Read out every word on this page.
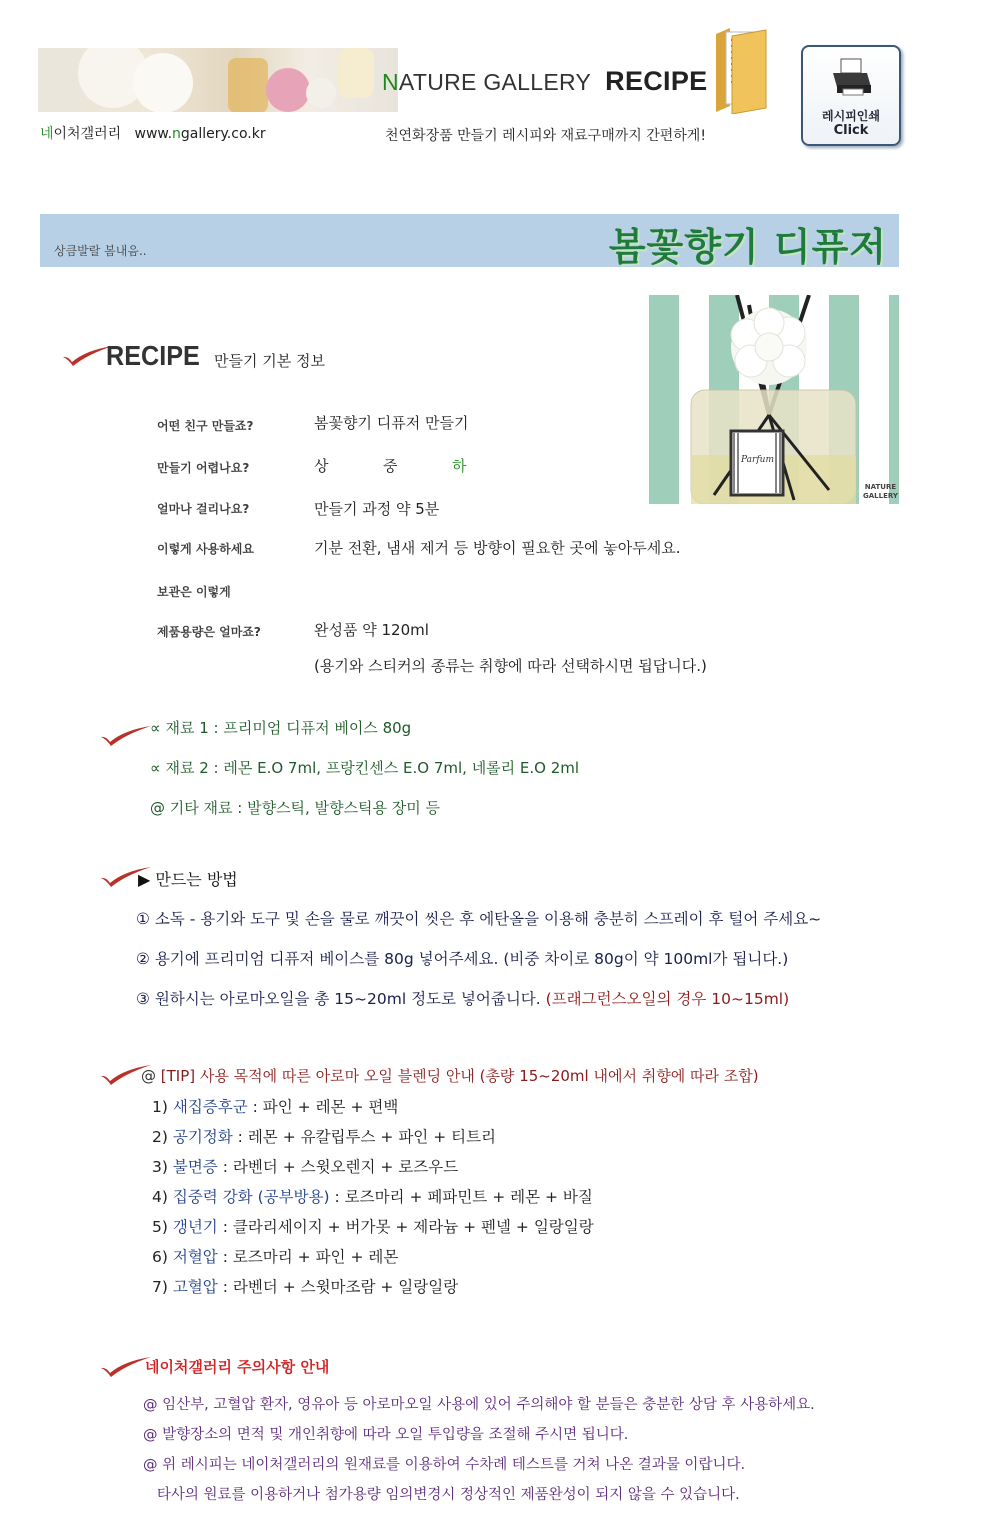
NATURE GALLERY RECIPE
네이처갤러리 www.ngallery.co.kr	천연화장품 만들기 레시피와 재료구매까지 간편하게!
레시피인쇄
Click
상큼발랄 봄내음..	봄꽃향기 디퓨저
Parfum
NATURE
GALLERY
RECIPE 만들기 기본 정보
어떤 친구 만들죠?	봄꽃향기 디퓨저 만들기
만들기 어렵나요?	상	중	하
얼마나 걸리나요?	만들기 과정 약 5분
이렇게 사용하세요	기분 전환, 냄새 제거 등 방향이 필요한 곳에 놓아두세요.
보관은 이렇게
제품용량은 얼마죠?	완성품 약 120ml
(용기와 스티커의 종류는 취향에 따라 선택하시면 됩답니다.)
∝ 재료 1 : 프리미엄 디퓨저 베이스 80g
∝ 재료 2 : 레몬 E.O 7ml, 프랑킨센스 E.O 7ml, 네롤리 E.O 2ml
@ 기타 재료 : 발향스틱, 발향스틱용 장미 등
▶ 만드는 방법
① 소독 - 용기와 도구 및 손을 물로 깨끗이 씻은 후 에탄올을 이용해 충분히 스프레이 후 털어 주세요~
② 용기에 프리미엄 디퓨저 베이스를 80g 넣어주세요. (비중 차이로 80g이 약 100ml가 됩니다.)
③ 원하시는 아로마오일을 총 15~20ml 정도로 넣어줍니다. (프래그런스오일의 경우 10~15ml)
@ [TIP] 사용 목적에 따른 아로마 오일 블렌딩 안내 (총량 15~20ml 내에서 취향에 따라 조합)
1) 새집증후군 : 파인 + 레몬 + 편백
2) 공기정화 : 레몬 + 유칼립투스 + 파인 + 티트리
3) 불면증 : 라벤더 + 스윗오렌지 + 로즈우드
4) 집중력 강화 (공부방용) : 로즈마리 + 페파민트 + 레몬 + 바질
5) 갱년기 : 클라리세이지 + 버가못 + 제라늄 + 펜넬 + 일랑일랑
6) 저혈압 : 로즈마리 + 파인 + 레몬
7) 고혈압 : 라벤더 + 스윗마조람 + 일랑일랑
네이처갤러리 주의사항 안내
@ 임산부, 고혈압 환자, 영유아 등 아로마오일 사용에 있어 주의해야 할 분들은 충분한 상담 후 사용하세요.
@ 발향장소의 면적 및 개인취향에 따라 오일 투입량을 조절해 주시면 됩니다.
@ 위 레시피는 네이처갤러리의 원재료를 이용하여 수차례 테스트를 거쳐 나온 결과물 이랍니다.
타사의 원료를 이용하거나 첨가용량 임의변경시 정상적인 제품완성이 되지 않을 수 있습니다.
